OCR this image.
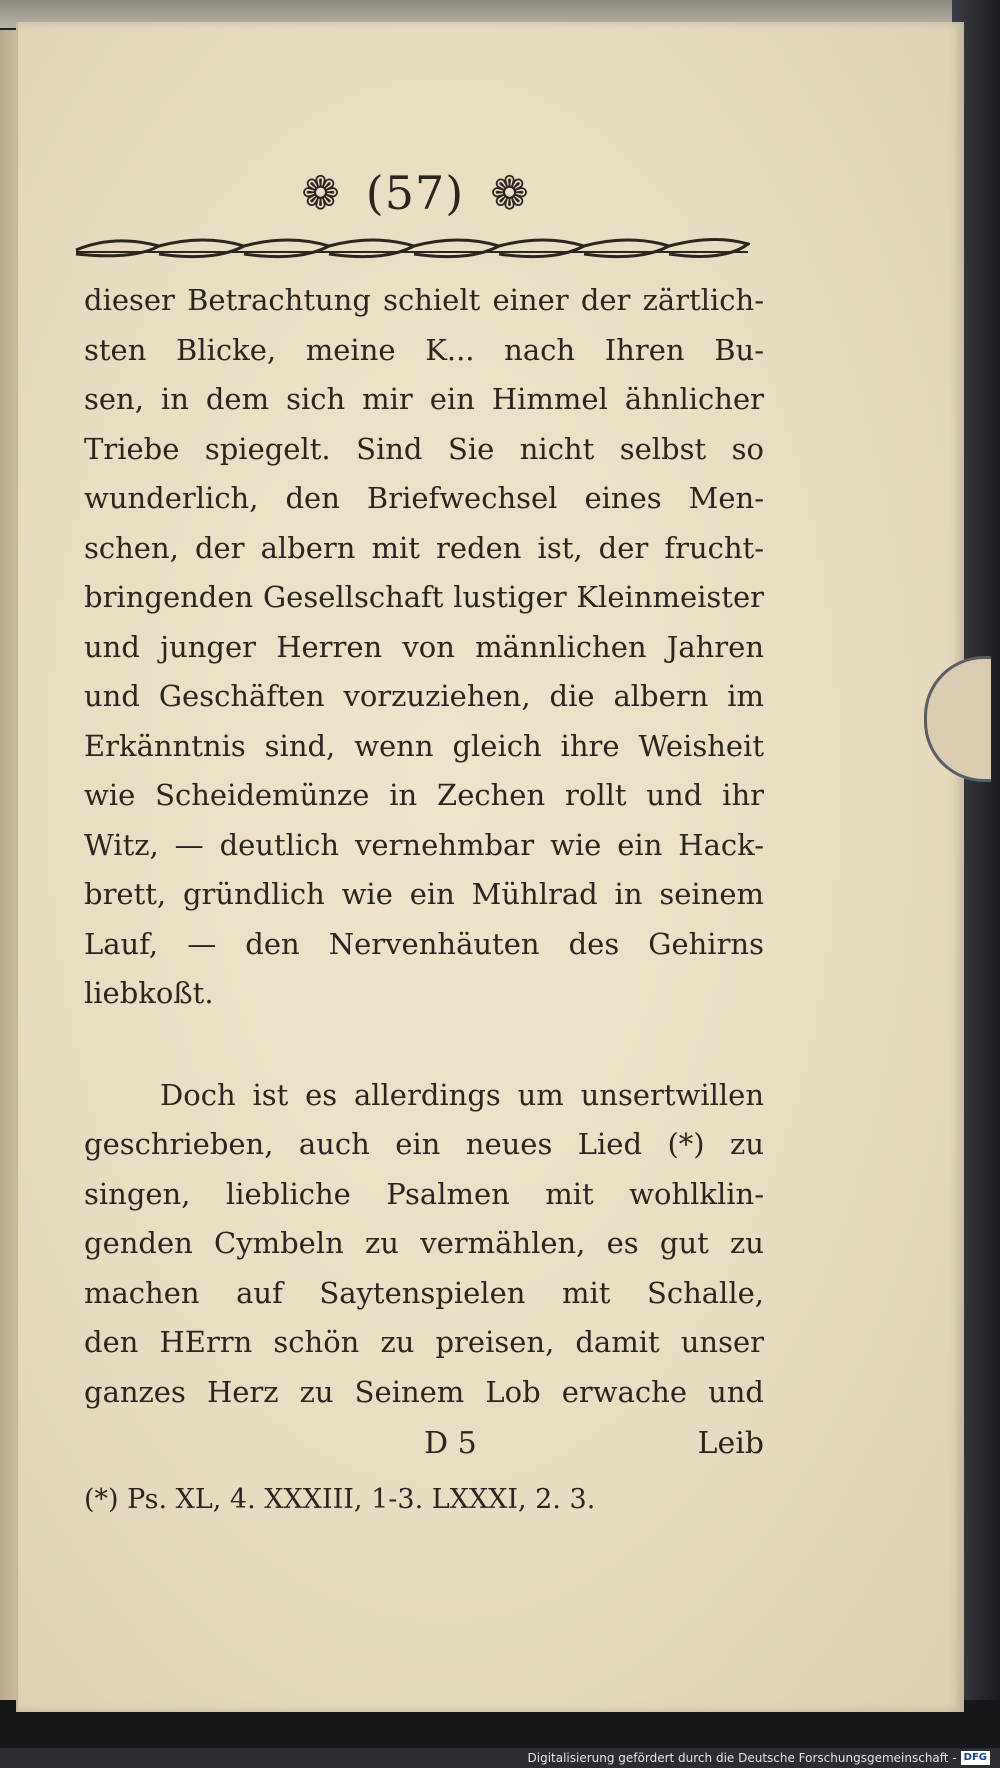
❁ (57) ❁
dieser Betrachtung schielt einer der zärtlich-
sten Blicke, meine K... nach Ihren Bu-
sen, in dem sich mir ein Himmel ähnlicher
Triebe spiegelt. Sind Sie nicht selbst so
wunderlich, den Briefwechsel eines Men-
schen, der albern mit reden ist, der frucht-
bringenden Gesellschaft lustiger Kleinmeister
und junger Herren von männlichen Jahren
und Geschäften vorzuziehen, die albern im
Erkänntnis sind, wenn gleich ihre Weisheit
wie Scheidemünze in Zechen rollt und ihr
Witz, — deutlich vernehmbar wie ein Hack-
brett, gründlich wie ein Mühlrad in seinem
Lauf, — den Nervenhäuten des Gehirns
liebkoßt.
Doch ist es allerdings um unsertwillen
geschrieben, auch ein neues Lied (*) zu
singen, liebliche Psalmen mit wohlklin-
genden Cymbeln zu vermählen, es gut zu
machen auf Saytenspielen mit Schalle,
den HErrn schön zu preisen, damit unser
ganzes Herz zu Seinem Lob erwache und
D 5	Leib
(*) Ps. XL, 4. XXXIII, 1-3. LXXXI, 2. 3.
Digitalisierung gefördert durch die Deutsche Forschungsgemeinschaft - DFG
